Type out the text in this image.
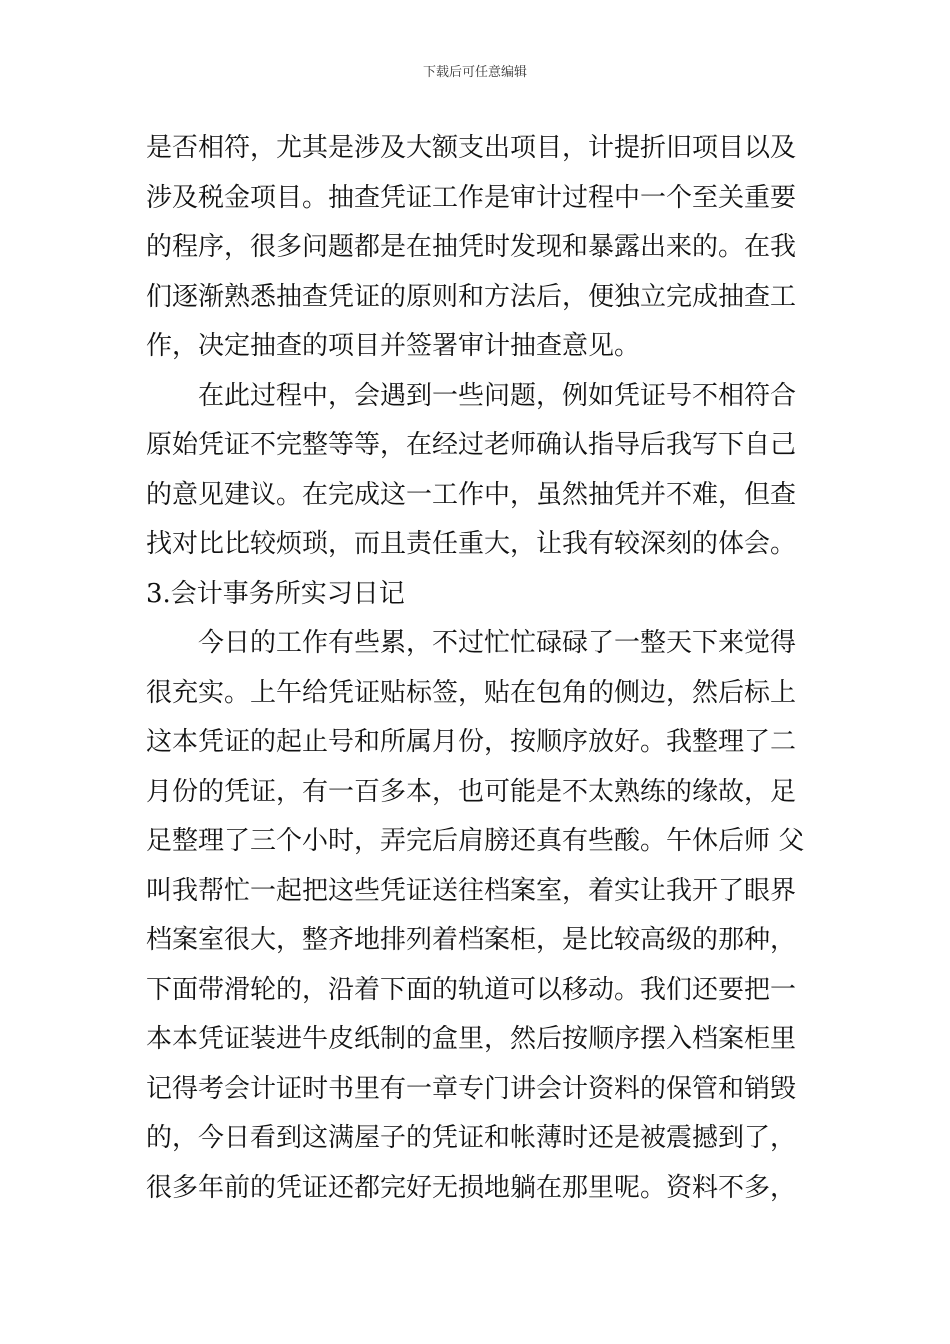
下载后可任意编辑
是否相符，尤其是涉及大额支出项目，计提折旧项目以及
涉及税金项目。抽查凭证工作是审计过程中一个至关重要
的程序，很多问题都是在抽凭时发现和暴露出来的。在我
们逐渐熟悉抽查凭证的原则和方法后，便独立完成抽查工
作，决定抽查的项目并签署审计抽查意见。
在此过程中，会遇到一些问题，例如凭证号不相符合
原始凭证不完整等等，在经过老师确认指导后我写下自己
的意见建议。在完成这一工作中，虽然抽凭并不难，但查
找对比比较烦琐，而且责任重大，让我有较深刻的体会。
3.会计事务所实习日记
今日的工作有些累，不过忙忙碌碌了一整天下来觉得
很充实。上午给凭证贴标签，贴在包角的侧边，然后标上
这本凭证的起止号和所属月份，按顺序放好。我整理了二
月份的凭证，有一百多本，也可能是不太熟练的缘故，足
足整理了三个小时，弄完后肩膀还真有些酸。午休后师 父
叫我帮忙一起把这些凭证送往档案室，着实让我开了眼界
档案室很大，整齐地排列着档案柜，是比较高级的那种，
下面带滑轮的，沿着下面的轨道可以移动。我们还要把一
本本凭证装进牛皮纸制的盒里，然后按顺序摆入档案柜里
记得考会计证时书里有一章专门讲会计资料的保管和销毁
的，今日看到这满屋子的凭证和帐薄时还是被震撼到了，
很多年前的凭证还都完好无损地躺在那里呢。资料不多，
